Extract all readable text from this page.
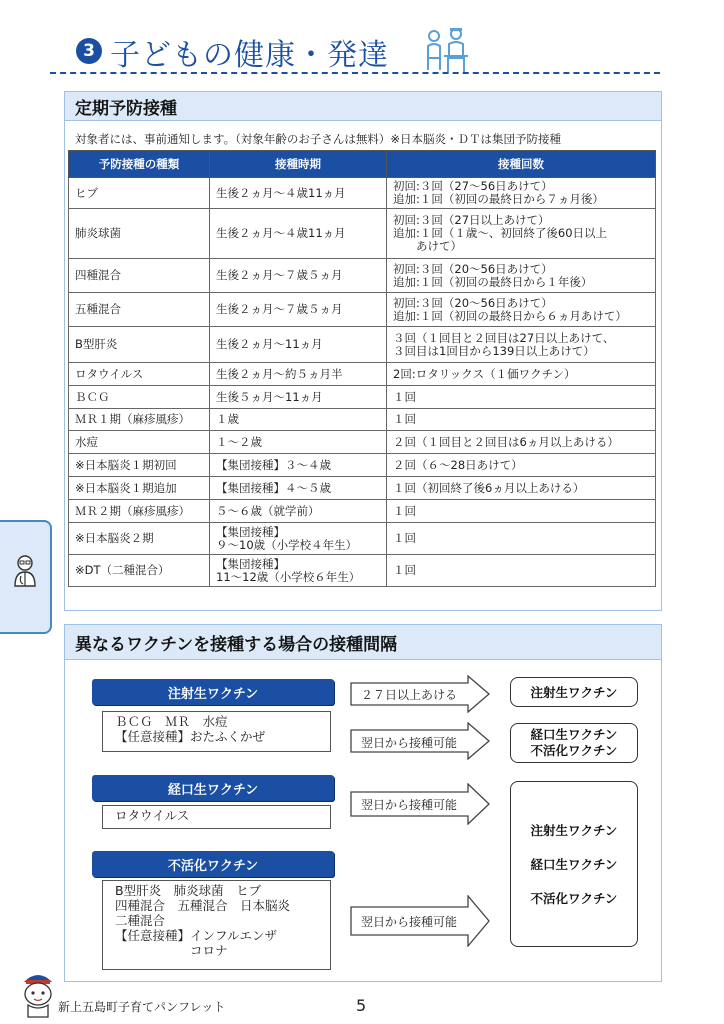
3 子どもの健康・発達
定期予防接種
対象者には、事前通知します。（対象年齢のお子さんは無料）※日本脳炎・ＤＴは集団予防接種
予防接種の種類	接種時期	接種回数
ヒブ	生後２ヵ月～４歳11ヵ月	初回:３回（27～56日あけて）
追加:１回（初回の最終日から７ヵ月後）
肺炎球菌	生後２ヵ月～４歳11ヵ月	初回:３回（27日以上あけて）
追加:１回（１歳～、初回終了後60日以上
　　あけて）
四種混合	生後２ヵ月～７歳５ヵ月	初回:３回（20～56日あけて）
追加:１回（初回の最終日から１年後）
五種混合	生後２ヵ月～７歳５ヵ月	初回:３回（20～56日あけて）
追加:１回（初回の最終日から６ヵ月あけて）
B型肝炎	生後２ヵ月～11ヵ月	３回（１回目と２回目は27日以上あけて、
３回目は1回目から139日以上あけて）
ロタウイルス	生後２ヵ月～約５ヵ月半	2回:ロタリックス（１価ワクチン）
ＢＣＧ	生後５ヵ月～11ヵ月	１回
ＭＲ１期（麻疹風疹）	１歳	１回
水痘	１～２歳	２回（１回目と２回目は6ヵ月以上あける）
※日本脳炎１期初回	【集団接種】３～４歳	２回（６～28日あけて）
※日本脳炎１期追加	【集団接種】４～５歳	１回（初回終了後6ヵ月以上あける）
ＭＲ２期（麻疹風疹）	５～６歳（就学前）	１回
※日本脳炎２期	【集団接種】
９～10歳（小学校４年生）	１回
※DT（二種混合）	【集団接種】
11～12歳（小学校６年生）	１回
異なるワクチンを接種する場合の接種間隔
注射生ワクチン
ＢＣＧ　ＭＲ　水痘
【任意接種】おたふくかぜ
経口生ワクチン
ロタウイルス
不活化ワクチン
B型肝炎　肺炎球菌　ヒブ
四種混合　五種混合　日本脳炎
二種混合
【任意接種】インフルエンザ
　　　　　　コロナ
２７日以上あける
翌日から接種可能
翌日から接種可能
翌日から接種可能
注射生ワクチン
経口生ワクチン
不活化ワクチン
注射生ワクチン
経口生ワクチン
不活化ワクチン
新上五島町子育てパンフレット	5
